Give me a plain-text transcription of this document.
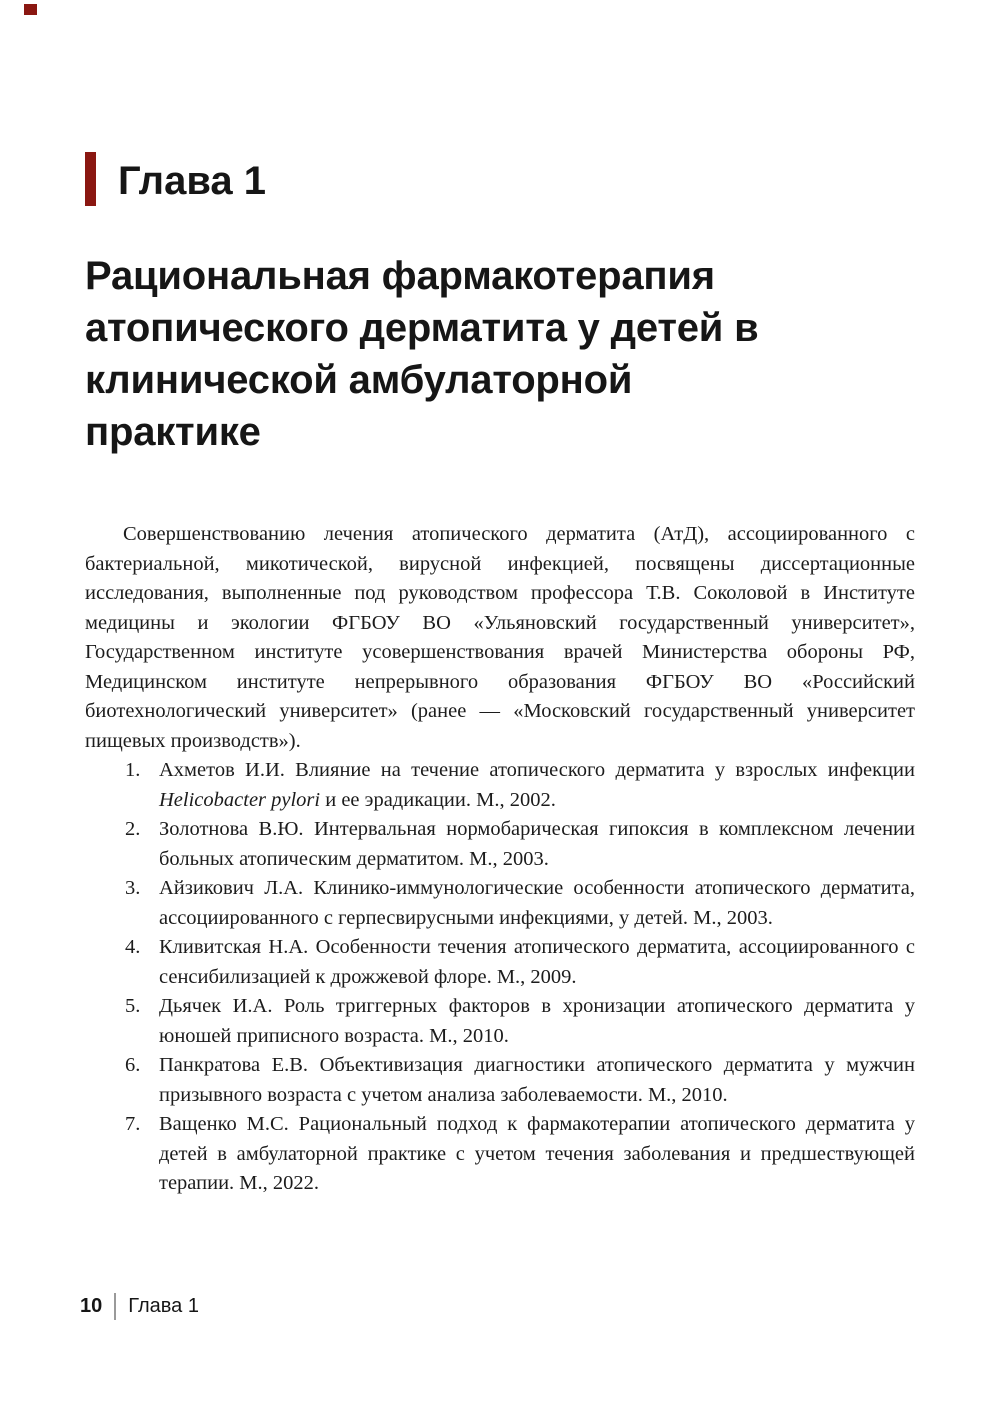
Глава 1
Рациональная фармакотерапия атопического дерматита у детей в клинической амбулаторной практике

Совершенствованию лечения атопического дерматита (АтД), ассоциированного с бактериальной, микотической, вирусной инфекцией, посвящены диссертационные исследования, выполненные под руководством профессора Т.В. Соколовой в Институте медицины и экологии ФГБОУ ВО «Ульяновский государственный университет», Государственном институте усовершенствования врачей Министерства обороны РФ, Медицинском институте непрерывного образования ФГБОУ ВО «Российский биотехнологический университет» (ранее — «Московский государственный университет пищевых производств»).

1. Ахметов И.И. Влияние на течение атопического дерматита у взрослых инфекции Helicobacter pylori и ее эрадикации. М., 2002.
2. Золотнова В.Ю. Интервальная нормобарическая гипоксия в комплексном лечении больных атопическим дерматитом. М., 2003.
3. Айзикович Л.А. Клинико-иммунологические особенности атопического дерматита, ассоциированного с герпесвирусными инфекциями, у детей. М., 2003.
4. Кливитская Н.А. Особенности течения атопического дерматита, ассоциированного с сенсибилизацией к дрожжевой флоре. М., 2009.
5. Дьячек И.А. Роль триггерных факторов в хронизации атопического дерматита у юношей приписного возраста. М., 2010.
6. Панкратова Е.В. Объективизация диагностики атопического дерматита у мужчин призывного возраста с учетом анализа заболеваемости. М., 2010.
7. Ващенко М.С. Рациональный подход к фармакотерапии атопического дерматита у детей в амбулаторной практике с учетом течения заболевания и предшествующей терапии. М., 2022.
10 Глава 1
